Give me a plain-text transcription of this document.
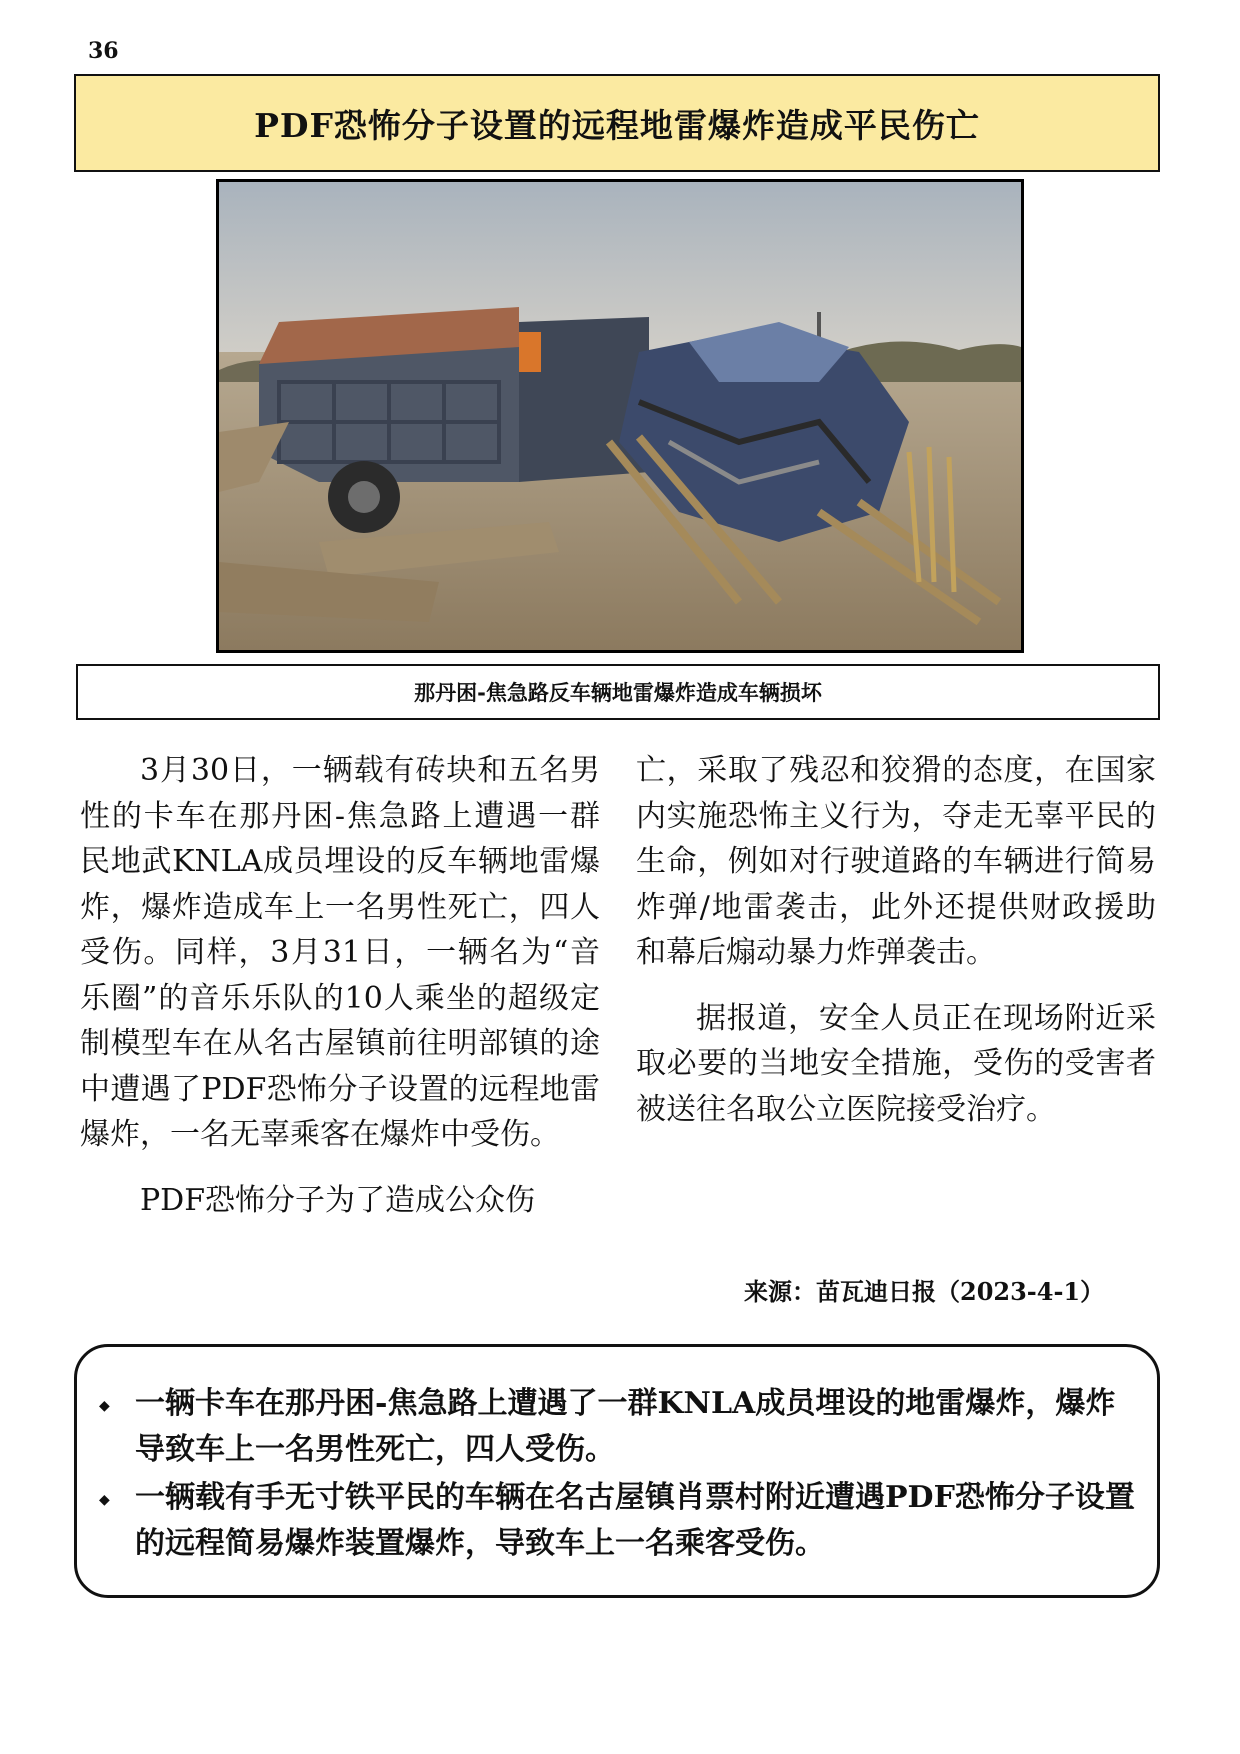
36
PDF恐怖分子设置的远程地雷爆炸造成平民伤亡
那丹困-焦急路反车辆地雷爆炸造成车辆损坏

3月30日，一辆载有砖块和五名男性的卡车在那丹困-焦急路上遭遇一群民地武KNLA成员埋设的反车辆地雷爆炸，爆炸造成车上一名男性死亡，四人受伤。同样，3月31日，一辆名为“音乐圈”的音乐乐队的10人乘坐的超级定制模型车在从名古屋镇前往明部镇的途中遭遇了PDF恐怖分子设置的远程地雷爆炸，一名无辜乘客在爆炸中受伤。

PDF恐怖分子为了造成公众伤

亡，采取了残忍和狡猾的态度，在国家内实施恐怖主义行为，夺走无辜平民的生命，例如对行驶道路的车辆进行简易炸弹/地雷袭击，此外还提供财政援助和幕后煽动暴力炸弹袭击。

据报道，安全人员正在现场附近采取必要的当地安全措施，受伤的受害者被送往名取公立医院接受治疗。

来源：苗瓦迪日报（2023-4-1）
◆ 一辆卡车在那丹困-焦急路上遭遇了一群KNLA成员埋设的地雷爆炸，爆炸导致车上一名男性死亡，四人受伤。
◆ 一辆载有手无寸铁平民的车辆在名古屋镇肖票村附近遭遇PDF恐怖分子设置的远程简易爆炸装置爆炸，导致车上一名乘客受伤。
